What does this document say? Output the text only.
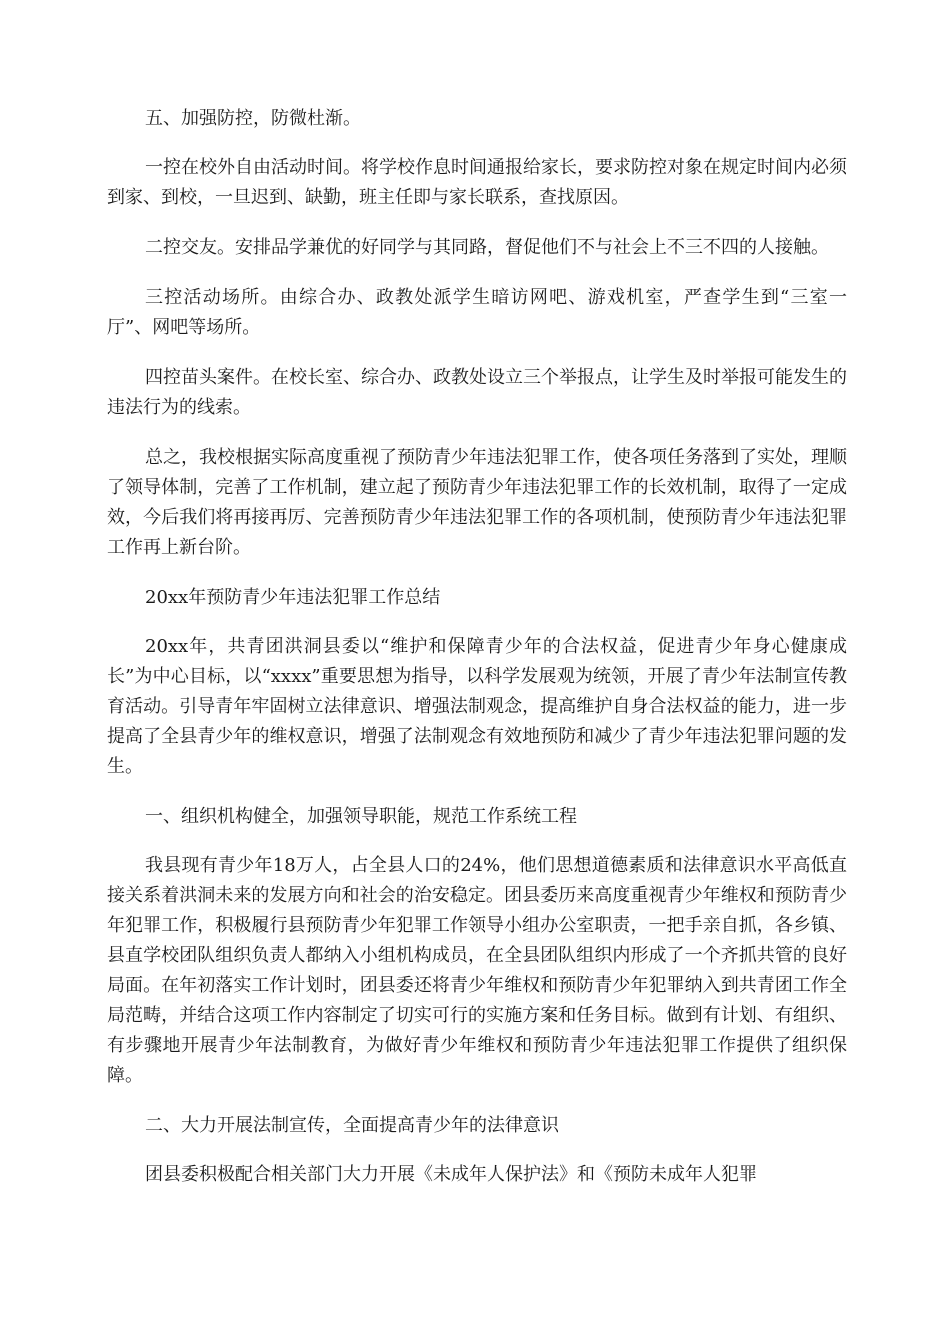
五、加强防控，防微杜渐。

一控在校外自由活动时间。将学校作息时间通报给家长，要求防控对象在规定时间内必须到家、到校，一旦迟到、缺勤，班主任即与家长联系，查找原因。

二控交友。安排品学兼优的好同学与其同路，督促他们不与社会上不三不四的人接触。

三控活动场所。由综合办、政教处派学生暗访网吧、游戏机室，严查学生到“三室一厅”、网吧等场所。

四控苗头案件。在校长室、综合办、政教处设立三个举报点，让学生及时举报可能发生的违法行为的线索。

总之，我校根据实际高度重视了预防青少年违法犯罪工作，使各项任务落到了实处，理顺了领导体制，完善了工作机制，建立起了预防青少年违法犯罪工作的长效机制，取得了一定成效，今后我们将再接再厉、完善预防青少年违法犯罪工作的各项机制，使预防青少年违法犯罪工作再上新台阶。

20xx年预防青少年违法犯罪工作总结

20xx年，共青团洪洞县委以“维护和保障青少年的合法权益，促进青少年身心健康成长”为中心目标，以“xxxx”重要思想为指导，以科学发展观为统领，开展了青少年法制宣传教育活动。引导青年牢固树立法律意识、增强法制观念，提高维护自身合法权益的能力，进一步提高了全县青少年的维权意识，增强了法制观念有效地预防和减少了青少年违法犯罪问题的发生。

一、组织机构健全，加强领导职能，规范工作系统工程

我县现有青少年18万人，占全县人口的24%，他们思想道德素质和法律意识水平高低直接关系着洪洞未来的发展方向和社会的治安稳定。团县委历来高度重视青少年维权和预防青少年犯罪工作，积极履行县预防青少年犯罪工作领导小组办公室职责，一把手亲自抓，各乡镇、县直学校团队组织负责人都纳入小组机构成员，在全县团队组织内形成了一个齐抓共管的良好局面。在年初落实工作计划时，团县委还将青少年维权和预防青少年犯罪纳入到共青团工作全局范畴，并结合这项工作内容制定了切实可行的实施方案和任务目标。做到有计划、有组织、有步骤地开展青少年法制教育，为做好青少年维权和预防青少年违法犯罪工作提供了组织保障。

二、大力开展法制宣传，全面提高青少年的法律意识

团县委积极配合相关部门大力开展《未成年人保护法》和《预防未成年人犯罪
